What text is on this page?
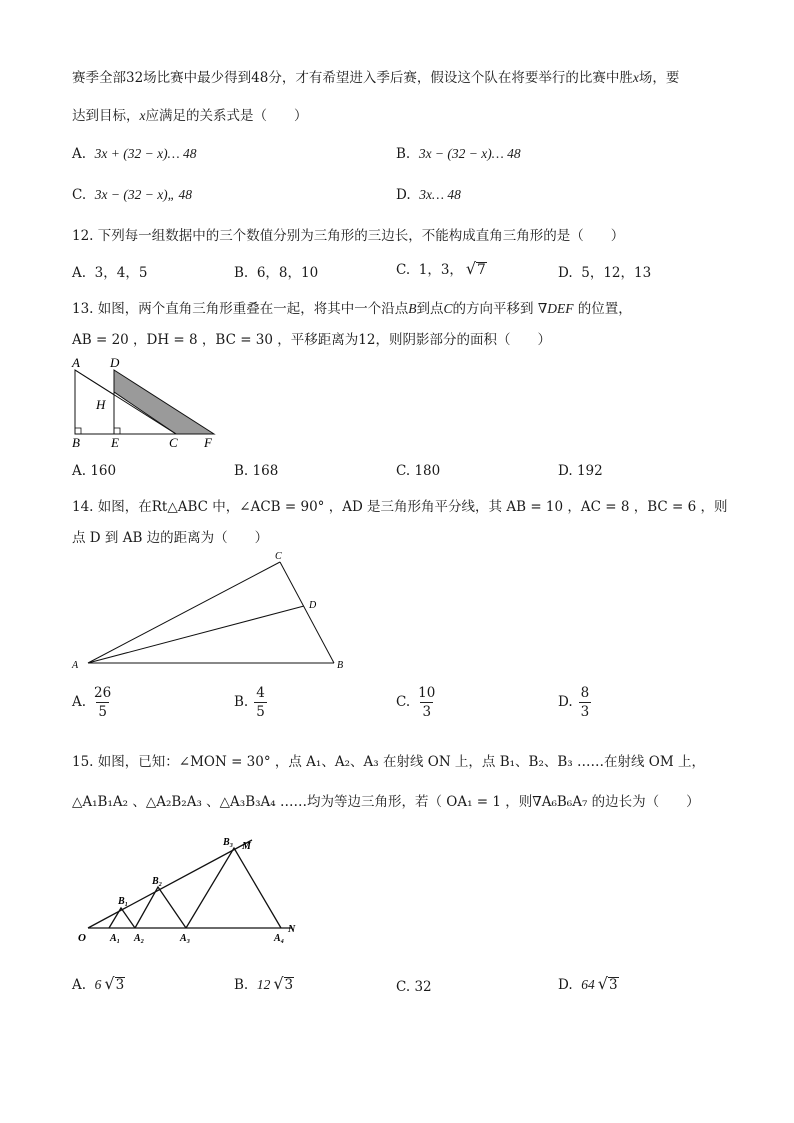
赛季全部32场比赛中最少得到48分，才有希望进入季后赛，假设这个队在将要举行的比赛中胜x场，要
达到目标，x应满足的关系式是（　　）
A. 3x + (32 − x)… 48	B. 3x − (32 − x)… 48
C. 3x − (32 − x)„ 48	D. 3x… 48
12. 下列每一组数据中的三个数值分别为三角形的三边长，不能构成直角三角形的是（　　）
A. 3，4，5	B. 6，8，10	C. 1，3， √ 7	D. 5，12，13
13. 如图，两个直角三角形重叠在一起，将其中一个沿点B到点C的方向平移到 ∇DEF 的位置，
AB = 20 ，DH = 8 ，BC = 30 ，平移距离为12，则阴影部分的面积（　　）
A D
H
B E	C F
A. 160	B. 168	C. 180	D. 192
14. 如图，在Rt△ABC 中，∠ACB = 90° ，AD 是三角形角平分线，其 AB = 10 ，AC = 8 ，BC = 6 ，则
点 D 到 AB 边的距离为（　　）
A	B
C
D
A. $\frac{26}{5}$	B. $\frac{4}{5}$	C. $\frac{10}{3}$	D. $\frac{8}{3}$
15. 如图，已知：∠MON = 30° ，点 A₁、A₂、A₃ 在射线 ON 上，点 B₁、B₂、B₃ ……在射线 OM 上，
△A₁B₁A₂ 、△A₂B₂A₃ 、△A₃B₃A₄ ……均为等边三角形，若（ OA₁ = 1 ，则∇A₆B₆A₇ 的边长为（　　）
O A₁ A₂	A₃	A₄
B₁
B₂
B₃ M
N
A. 6 √ 3	B. 12 √ 3	C. 32	D. 64 √ 3
